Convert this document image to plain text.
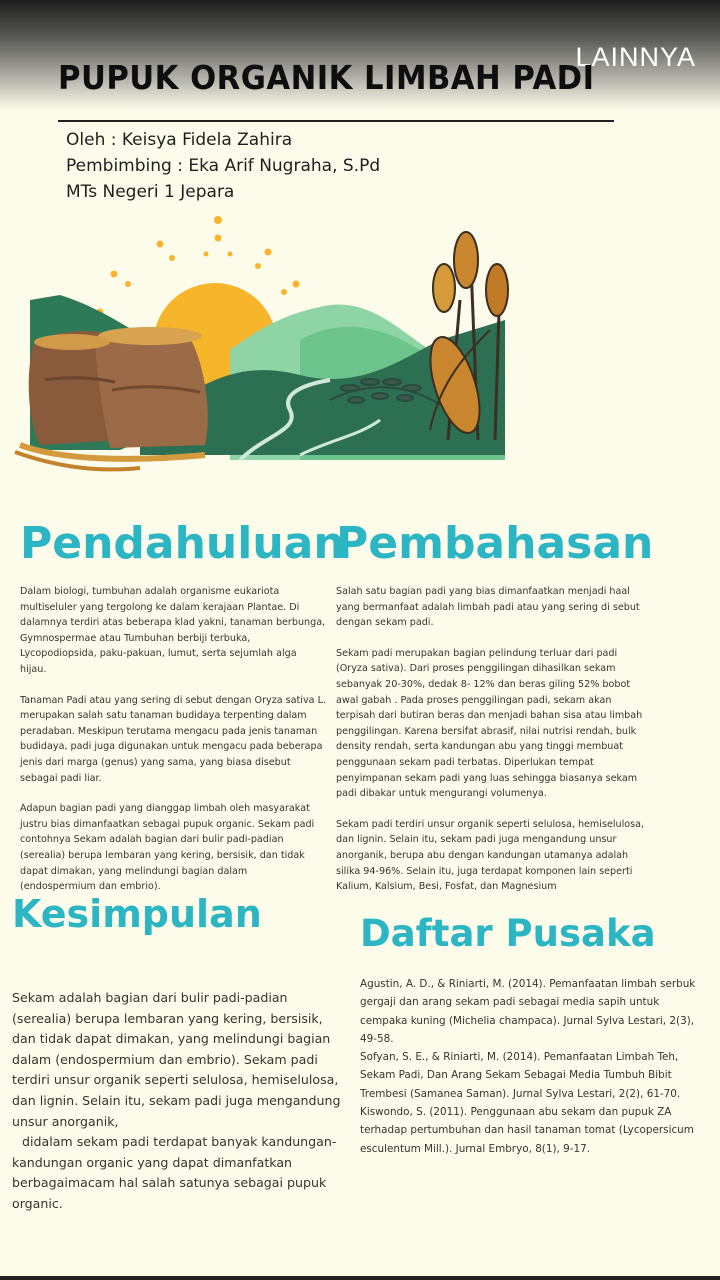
LAINNYA
PUPUK ORGANIK LIMBAH PADI
Oleh : Keisya Fidela Zahira
Pembimbing : Eka Arif Nugraha, S.Pd
MTs Negeri 1 Jepara
Pendahuluan
Pembahasan

Dalam biologi, tumbuhan adalah organisme eukariota multiseluler yang tergolong ke dalam kerajaan Plantae. Di dalamnya terdiri atas beberapa klad yakni, tanaman berbunga, Gymnospermae atau Tumbuhan berbiji terbuka, Lycopodiopsida, paku-pakuan, lumut, serta sejumlah alga hijau.

Tanaman Padi atau yang sering di sebut dengan Oryza sativa L. merupakan salah satu tanaman budidaya terpenting dalam peradaban. Meskipun terutama mengacu pada jenis tanaman budidaya, padi juga digunakan untuk mengacu pada beberapa jenis dari marga (genus) yang sama, yang biasa disebut sebagai padi liar.

Adapun bagian padi yang dianggap limbah oleh masyarakat justru bias dimanfaatkan sebagai pupuk organic. Sekam padi contohnya Sekam adalah bagian dari bulir padi-padian (serealia) berupa lembaran yang kering, bersisik, dan tidak dapat dimakan, yang melindungi bagian dalam (endospermium dan embrio).

Salah satu bagian padi yang bias dimanfaatkan menjadi haal yang bermanfaat adalah limbah padi atau yang sering di sebut dengan sekam padi.

Sekam padi merupakan bagian pelindung terluar dari padi (Oryza sativa). Dari proses penggilingan dihasilkan sekam sebanyak 20-30%, dedak 8- 12% dan beras giling 52% bobot awal gabah . Pada proses penggilingan padi, sekam akan terpisah dari butiran beras dan menjadi bahan sisa atau limbah penggilingan. Karena bersifat abrasif, nilai nutrisi rendah, bulk density rendah, serta kandungan abu yang tinggi membuat penggunaan sekam padi terbatas. Diperlukan tempat penyimpanan sekam padi yang luas sehingga biasanya sekam padi dibakar untuk mengurangi volumenya.

Sekam padi terdiri unsur organik seperti selulosa, hemiselulosa, dan lignin. Selain itu, sekam padi juga mengandung unsur anorganik, berupa abu dengan kandungan utamanya adalah silika 94-96%. Selain itu, juga terdapat komponen lain seperti Kalium, Kalsium, Besi, Fosfat, dan Magnesium

Kesimpulan	Daftar Pusaka
Sekam adalah bagian dari bulir padi-padian (serealia) berupa lembaran yang kering, bersisik, dan tidak dapat dimakan, yang melindungi bagian dalam (endospermium dan embrio). Sekam padi terdiri unsur organik seperti selulosa, hemiselulosa, dan lignin. Selain itu, sekam padi juga mengandung unsur anorganik,
didalam sekam padi terdapat banyak kandungan-kandungan organic yang dapat dimanfatkan berbagaimacam hal salah satunya sebagai pupuk organic.
Agustin, A. D., & Riniarti, M. (2014). Pemanfaatan limbah serbuk gergaji dan arang sekam padi sebagai media sapih untuk cempaka kuning (Michelia champaca). Jurnal Sylva Lestari, 2(3), 49-58.
Sofyan, S. E., & Riniarti, M. (2014). Pemanfaatan Limbah Teh, Sekam Padi, Dan Arang Sekam Sebagai Media Tumbuh Bibit Trembesi (Samanea Saman). Jurnal Sylva Lestari, 2(2), 61-70.
Kiswondo, S. (2011). Penggunaan abu sekam dan pupuk ZA terhadap pertumbuhan dan hasil tanaman tomat (Lycopersicum esculentum Mill.). Jurnal Embryo, 8(1), 9-17.
